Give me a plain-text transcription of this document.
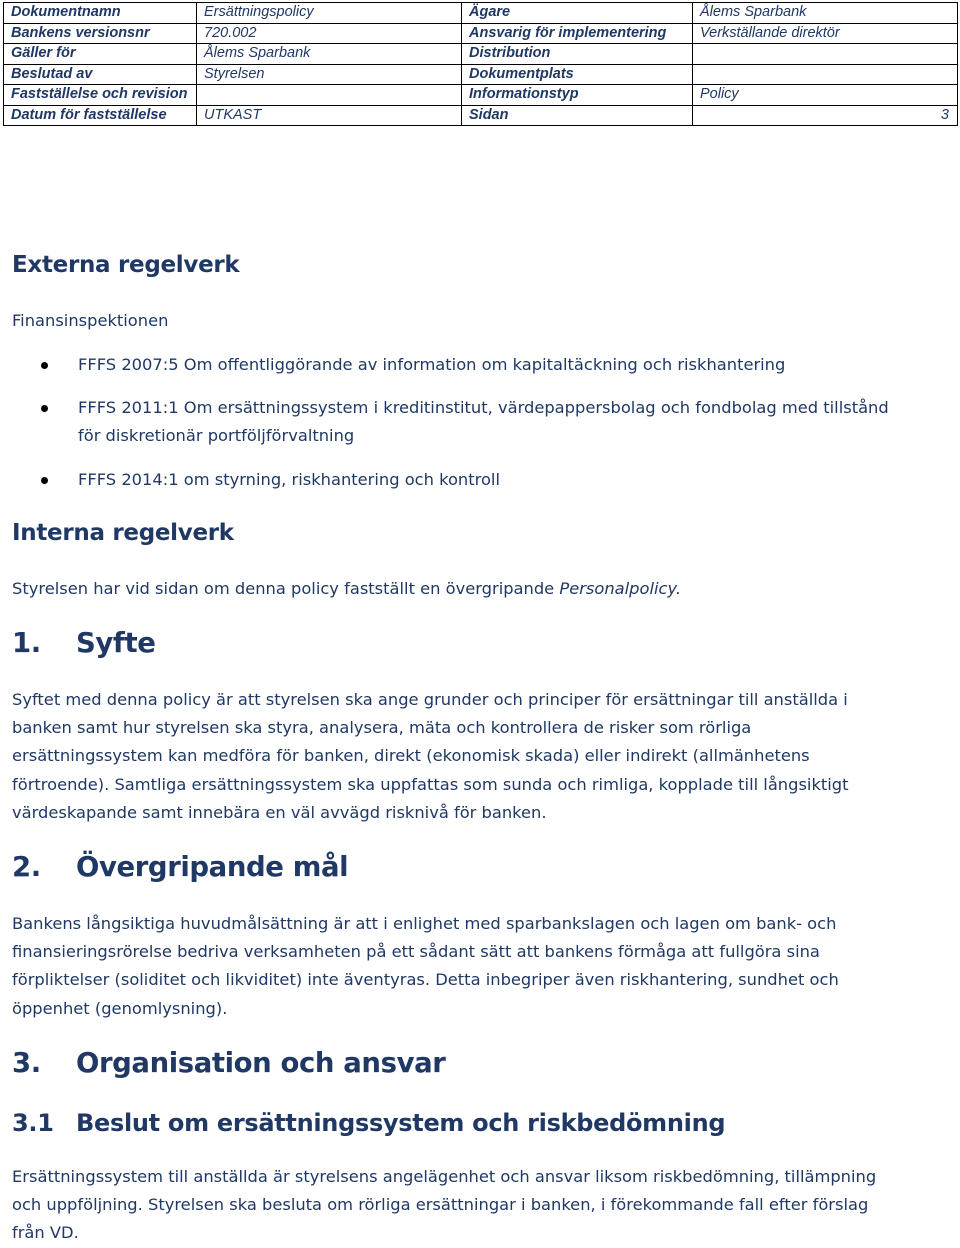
Dokumentnamn	Ersättningspolicy	Ägare	Ålems Sparbank
Bankens versionsnr	720.002	Ansvarig för implementering	Verkställande direktör
Gäller för	Ålems Sparbank	Distribution	
Beslutad av	Styrelsen	Dokumentplats	
Fastställelse och revision		Informationstyp	Policy
Datum för fastställelse	UTKAST	Sidan	3
Externa regelverk

Finansinspektionen

FFFS 2007:5 Om offentliggörande av information om kapitaltäckning och riskhantering
FFFS 2011:1 Om ersättningssystem i kreditinstitut, värdepappersbolag och fondbolag med tillstånd för diskretionär portföljförvaltning
FFFS 2014:1 om styrning, riskhantering och kontroll
Interna regelverk

Styrelsen har vid sidan om denna policy fastställt en övergripande Personalpolicy.

1. Syfte

Syftet med denna policy är att styrelsen ska ange grunder och principer för ersättningar till anställda i banken samt hur styrelsen ska styra, analysera, mäta och kontrollera de risker som rörliga ersättningssystem kan medföra för banken, direkt (ekonomisk skada) eller indirekt (allmänhetens förtroende). Samtliga ersättningssystem ska uppfattas som sunda och rimliga, kopplade till långsiktigt värdeskapande samt innebära en väl avvägd risknivå för banken.

2. Övergripande mål

Bankens långsiktiga huvudmålsättning är att i enlighet med sparbankslagen och lagen om bank- och finansieringsrörelse bedriva verksamheten på ett sådant sätt att bankens förmåga att fullgöra sina förpliktelser (soliditet och likviditet) inte äventyras. Detta inbegriper även riskhantering, sundhet och öppenhet (genomlysning).

3. Organisation och ansvar
3.1 Beslut om ersättningssystem och riskbedömning

Ersättningssystem till anställda är styrelsens angelägenhet och ansvar liksom riskbedömning, tillämpning och uppföljning. Styrelsen ska besluta om rörliga ersättningar i banken, i förekommande fall efter förslag från VD.
